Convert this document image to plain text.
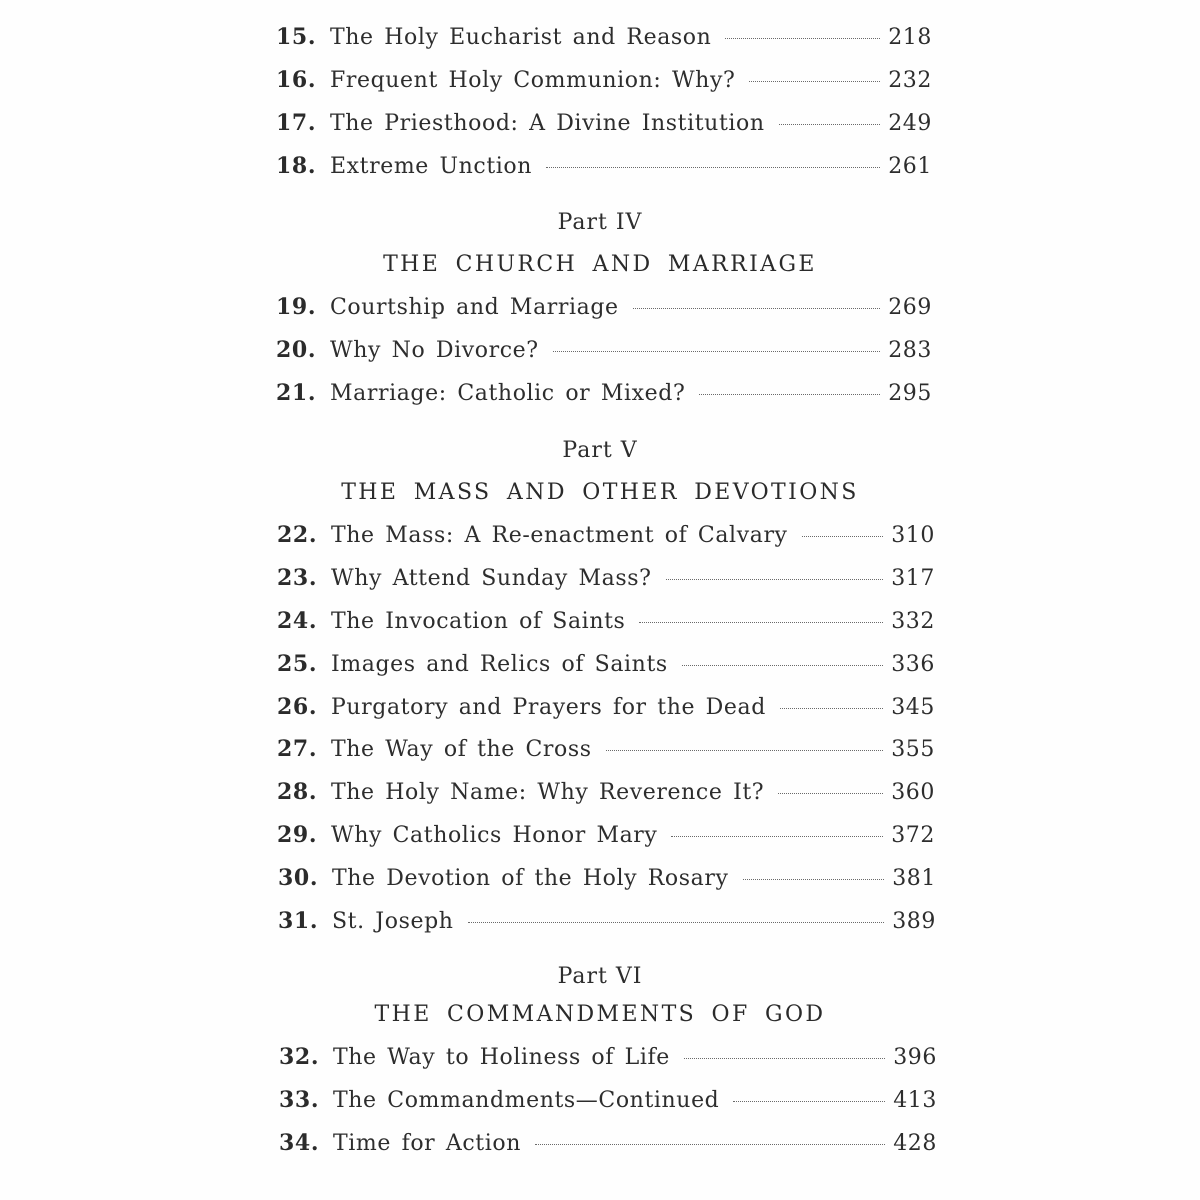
15. The Holy Eucharist and Reason	218
16. Frequent Holy Communion: Why?	232
17. The Priesthood: A Divine Institution	249
18. Extreme Unction	261
Part IV
THE CHURCH AND MARRIAGE
19. Courtship and Marriage	269
20. Why No Divorce?	283
21. Marriage: Catholic or Mixed?	295
Part V
THE MASS AND OTHER DEVOTIONS
22. The Mass: A Re-enactment of Calvary	310
23. Why Attend Sunday Mass?	317
24. The Invocation of Saints	332
25. Images and Relics of Saints	336
26. Purgatory and Prayers for the Dead	345
27. The Way of the Cross	355
28. The Holy Name: Why Reverence It?	360
29. Why Catholics Honor Mary	372
30. The Devotion of the Holy Rosary	381
31. St. Joseph	389
Part VI
THE COMMANDMENTS OF GOD
32. The Way to Holiness of Life	396
33. The Commandments—Continued	413
34. Time for Action	428
